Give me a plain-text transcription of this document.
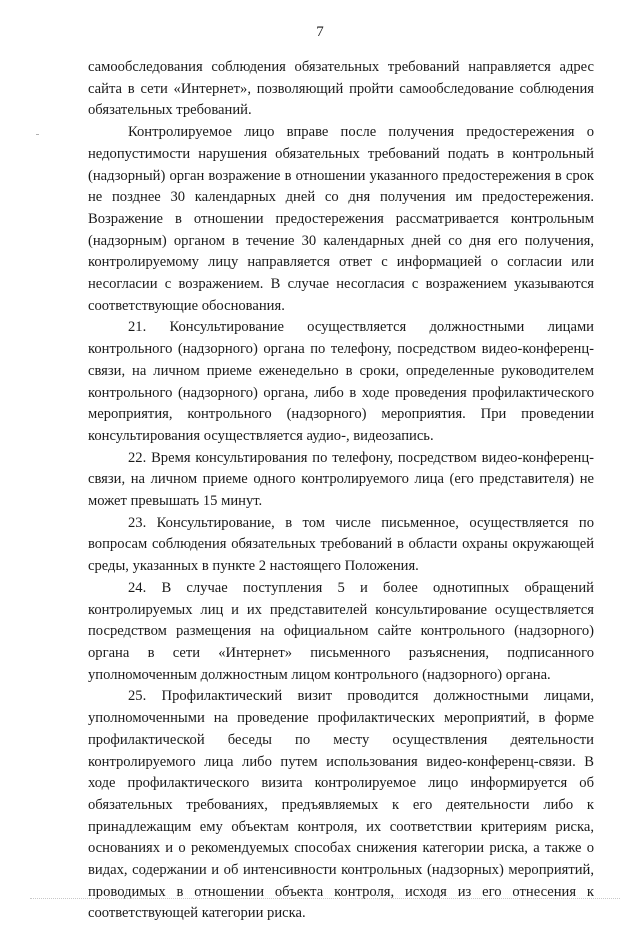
7

самообследования соблюдения обязательных требований направляется адрес сайта в сети «Интернет», позволяющий пройти самообследование соблюдения обязательных требований.

Контролируемое лицо вправе после получения предостережения о недопустимости нарушения обязательных требований подать в контрольный (надзорный) орган возражение в отношении указанного предостережения в срок не позднее 30 календарных дней со дня получения им предостережения. Возражение в отношении предостережения рассматривается контрольным (надзорным) органом в течение 30 календарных дней со дня его получения, контролируемому лицу направляется ответ с информацией о согласии или несогласии с возражением. В случае несогласия с возражением указываются соответствующие обоснования.

21. Консультирование осуществляется должностными лицами контрольного (надзорного) органа по телефону, посредством видео-конференц-связи, на личном приеме еженедельно в сроки, определенные руководителем контрольного (надзорного) органа, либо в ходе проведения профилактического мероприятия, контрольного (надзорного) мероприятия. При проведении консультирования осуществляется аудио-, видеозапись.

22. Время консультирования по телефону, посредством видео-конференц-связи, на личном приеме одного контролируемого лица (его представителя) не может превышать 15 минут.

23. Консультирование, в том числе письменное, осуществляется по вопросам соблюдения обязательных требований в области охраны окружающей среды, указанных в пункте 2 настоящего Положения.

24. В случае поступления 5 и более однотипных обращений контролируемых лиц и их представителей консультирование осуществляется посредством размещения на официальном сайте контрольного (надзорного) органа в сети «Интернет» письменного разъяснения, подписанного уполномоченным должностным лицом контрольного (надзорного) органа.

25. Профилактический визит проводится должностными лицами, уполномоченными на проведение профилактических мероприятий, в форме профилактической беседы по месту осуществления деятельности контролируемого лица либо путем использования видео-конференц-связи. В ходе профилактического визита контролируемое лицо информируется об обязательных требованиях, предъявляемых к его деятельности либо к принадлежащим ему объектам контроля, их соответствии критериям риска, основаниях и о рекомендуемых способах снижения категории риска, а также о видах, содержании и об интенсивности контрольных (надзорных) мероприятий, проводимых в отношении объекта контроля, исходя из его отнесения к соответствующей категории риска.
